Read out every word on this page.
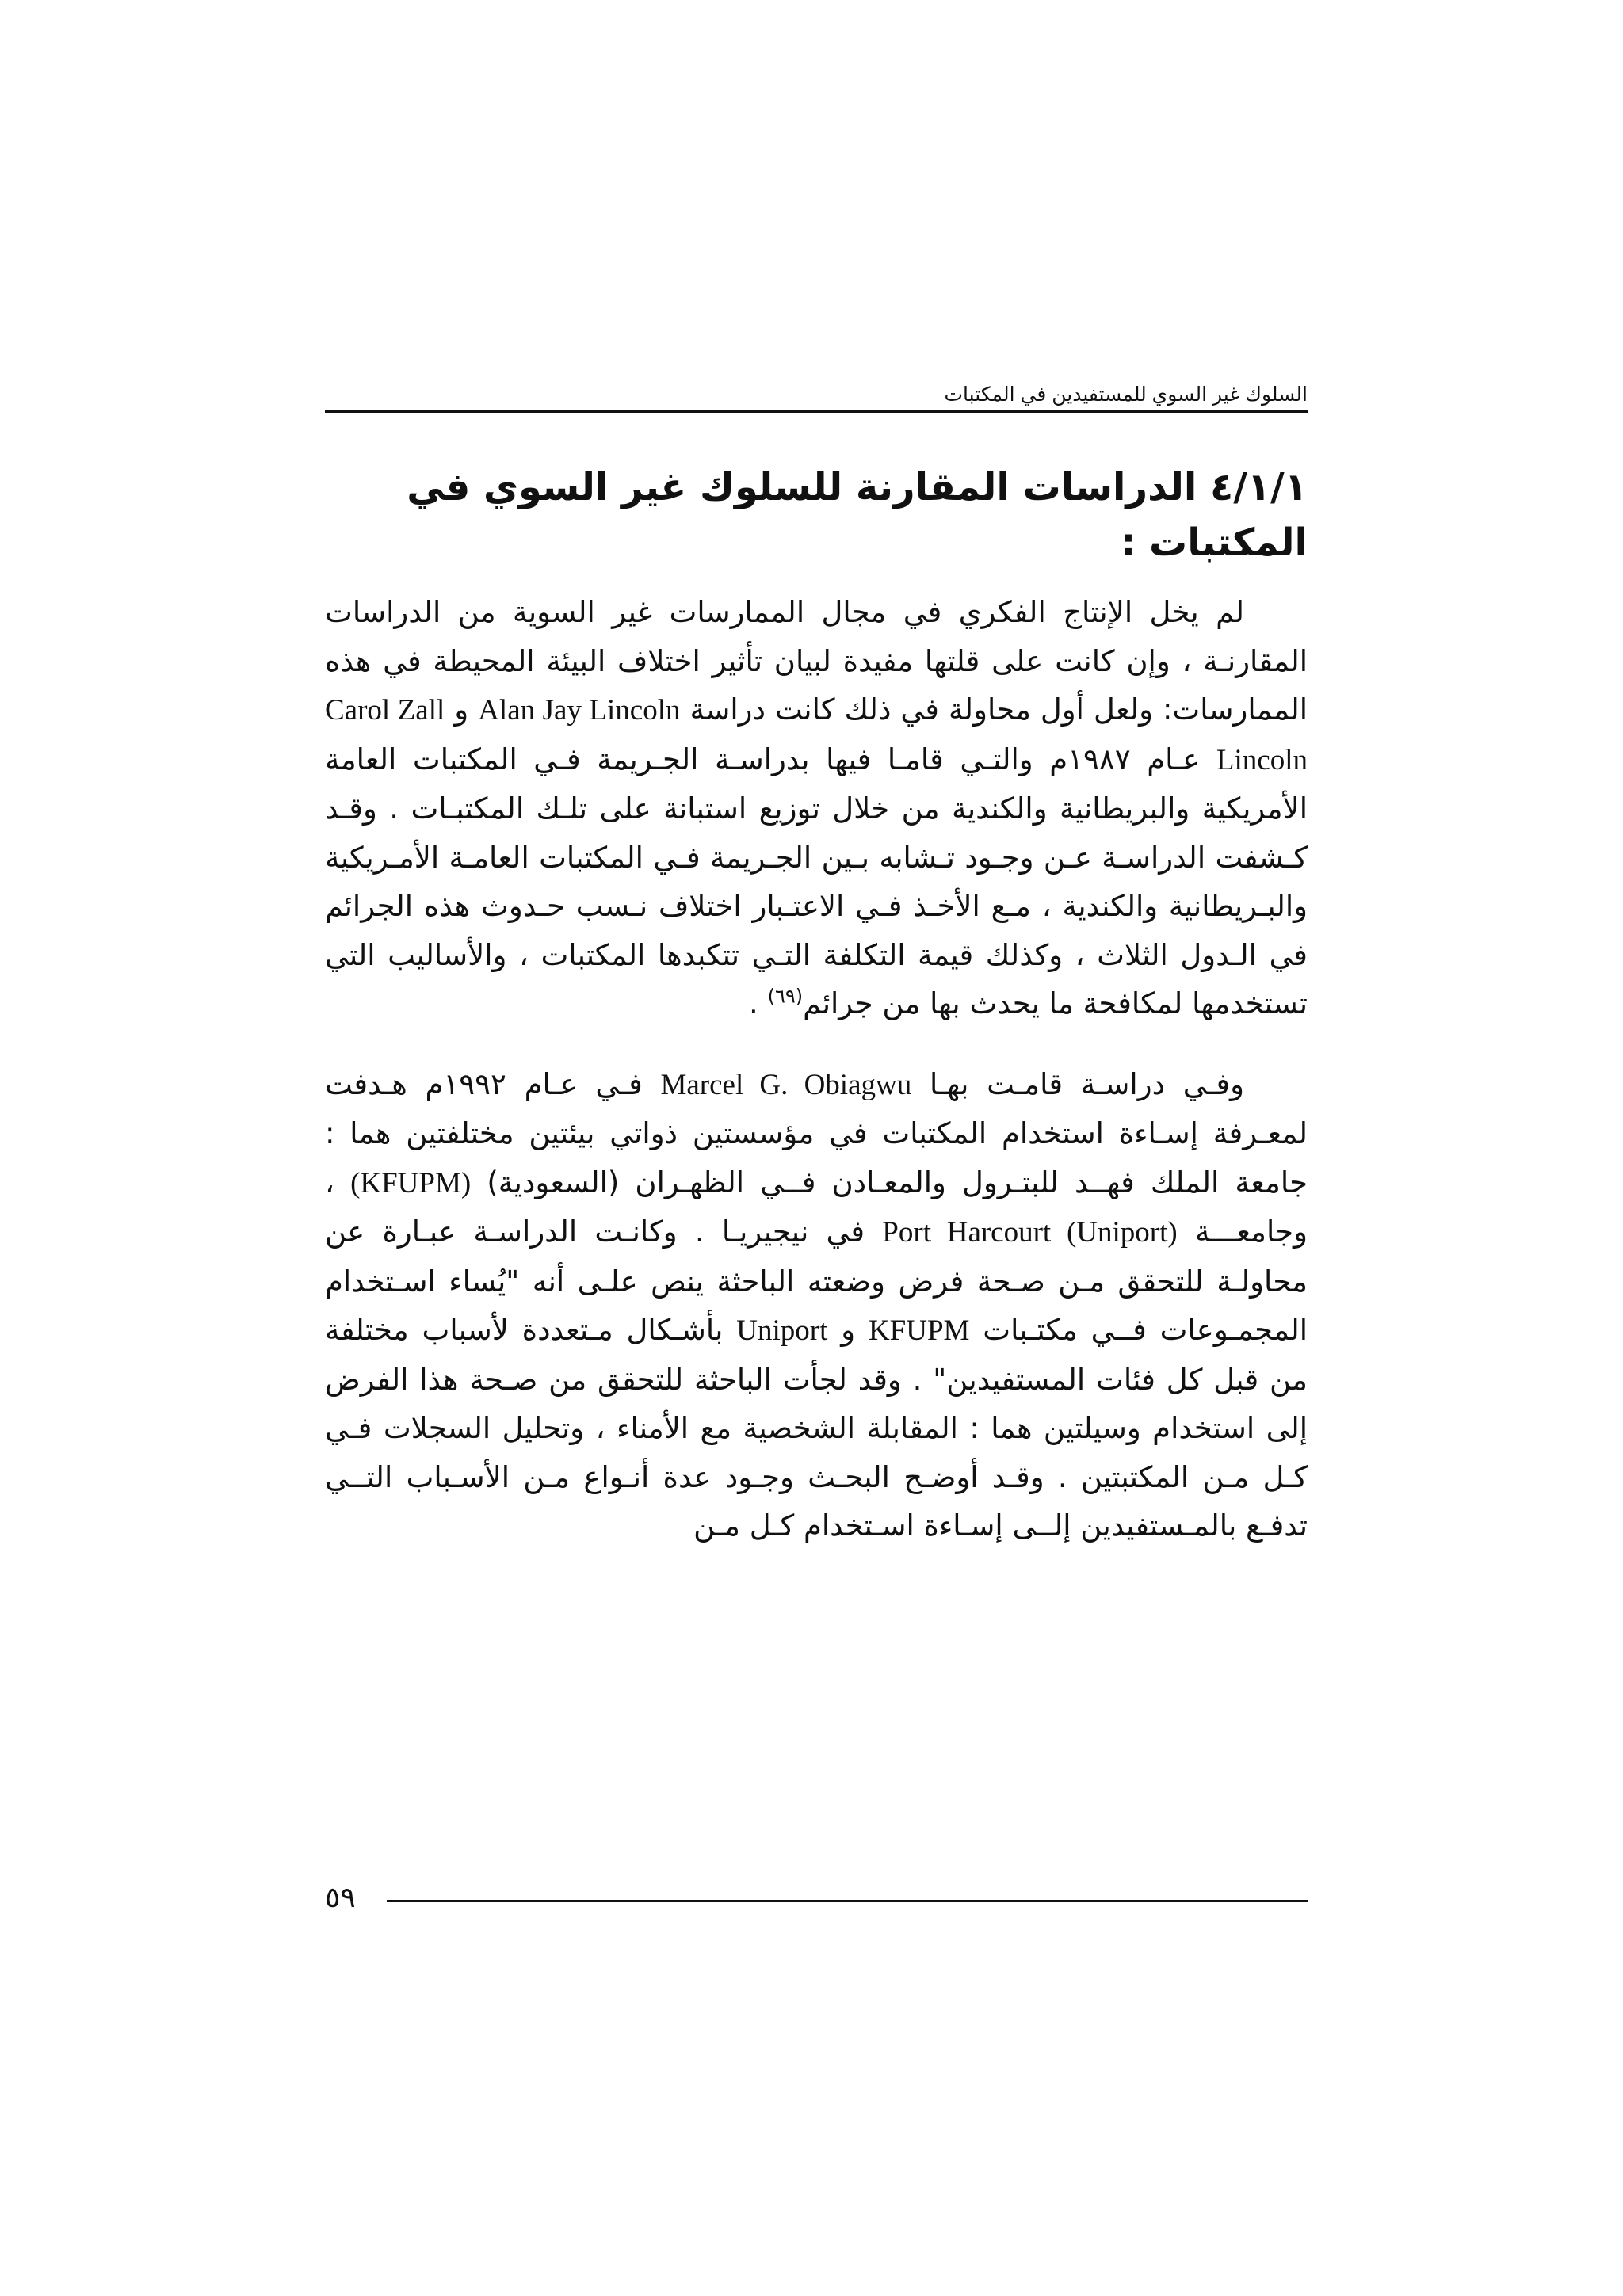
السلوك غير السوي للمستفيدين في المكتبات
٤/١/١ الدراسات المقارنة للسلوك غير السوي في المكتبات :

لم يخل الإنتاج الفكري في مجال الممارسات غير السوية من الدراسات المقارنـة ، وإن كانت على قلتها مفيدة لبيان تأثير اختلاف البيئة المحيطة في هذه الممارسات: ولعل أول محاولة في ذلك كانت دراسة Alan Jay Lincoln و Carol Zall Lincoln عـام ١٩٨٧م والتـي قامـا فيها بدراسـة الجـريمة فـي المكتبات العامة الأمريكية والبريطانية والكندية من خلال توزيع استبانة على تلـك المكتبـات . وقـد كـشفت الدراسـة عـن وجـود تـشابه بـين الجـريمة فـي المكتبات العامـة الأمـريكية والبـريطانية والكندية ، مـع الأخـذ فـي الاعتـبار اختلاف نـسب حـدوث هذه الجرائم في الـدول الثلاث ، وكذلك قيمة التكلفة التـي تتكبدها المكتبات ، والأساليب التي تستخدمها لمكافحة ما يحدث بها من جرائم$^{(٦٩)}$ .

وفـي دراسـة قامـت بهـا Marcel G. Obiagwu فـي عـام ١٩٩٢م هـدفت لمعـرفة إسـاءة استخدام المكتبات في مؤسستين ذواتي بيئتين مختلفتين هما : جامعة الملك فهــد للبتـرول والمعـادن فــي الظهـران (السعودية) (KFUPM) ، وجامعـــة Port Harcourt (Uniport) في نيجيريـا . وكانـت الدراسـة عبـارة عن محاولـة للتحقق مـن صـحة فرض وضعته الباحثة ينص علـى أنه "يُساء اسـتخدام المجمـوعات فــي مكتـبات KFUPM و Uniport بأشـكال مـتعددة لأسباب مختلفة من قبل كل فئات المستفيدين" . وقد لجأت الباحثة للتحقق من صـحة هذا الفرض إلى استخدام وسيلتين هما : المقابلة الشخصية مع الأمناء ، وتحليل السجلات فـي كـل مـن المكتبتين . وقـد أوضـح البحـث وجـود عدة أنـواع مـن الأسـباب التــي تدفـع بالمـستفيدين إلــى إسـاءة اسـتخدام كـل مـن

٥٩
